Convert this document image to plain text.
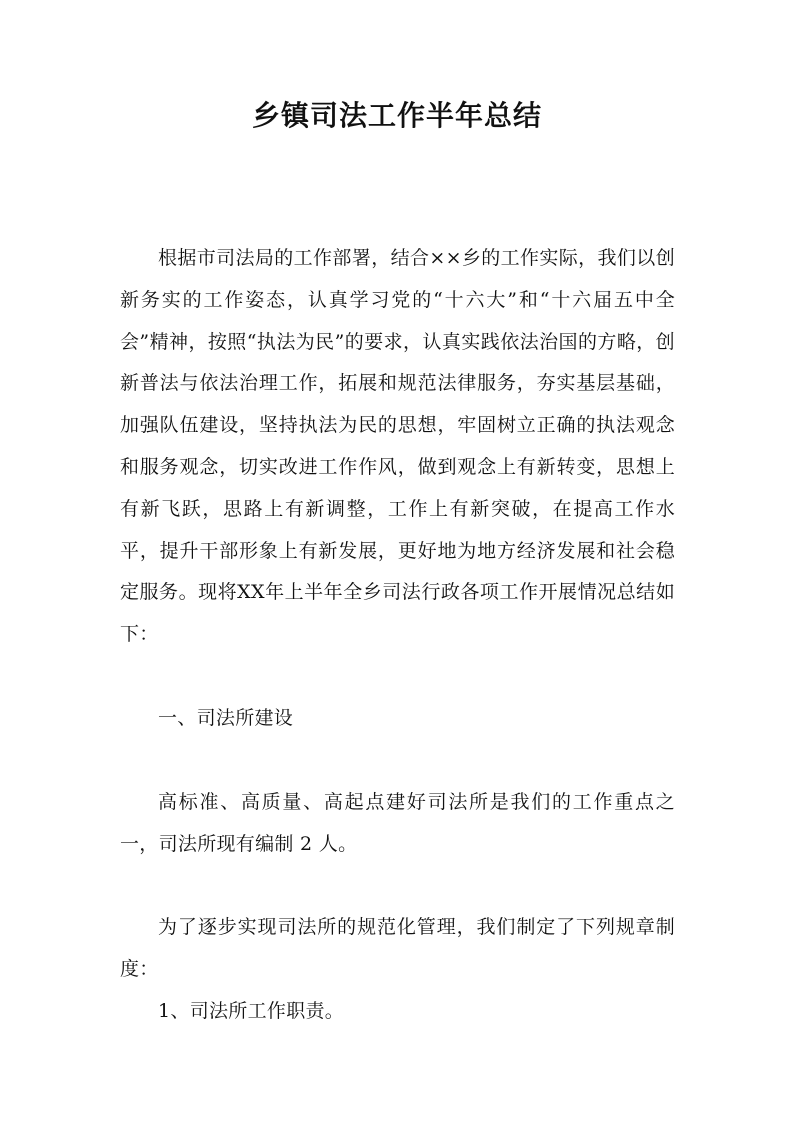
乡镇司法工作半年总结

根据市司法局的工作部署，结合××乡的工作实际，我们以创新务实的工作姿态，认真学习党的“十六大”和“十六届五中全会”精神，按照“执法为民”的要求，认真实践依法治国的方略，创新普法与依法治理工作，拓展和规范法律服务，夯实基层基础，加强队伍建设，坚持执法为民的思想，牢固树立正确的执法观念和服务观念，切实改进工作作风，做到观念上有新转变，思想上有新飞跃，思路上有新调整，工作上有新突破，在提高工作水平，提升干部形象上有新发展，更好地为地方经济发展和社会稳定服务。现将XX年上半年全乡司法行政各项工作开展情况总结如下：

一、司法所建设

高标准、高质量、高起点建好司法所是我们的工作重点之一，司法所现有编制 2 人。

为了逐步实现司法所的规范化管理，我们制定了下列规章制度：

1、司法所工作职责。
